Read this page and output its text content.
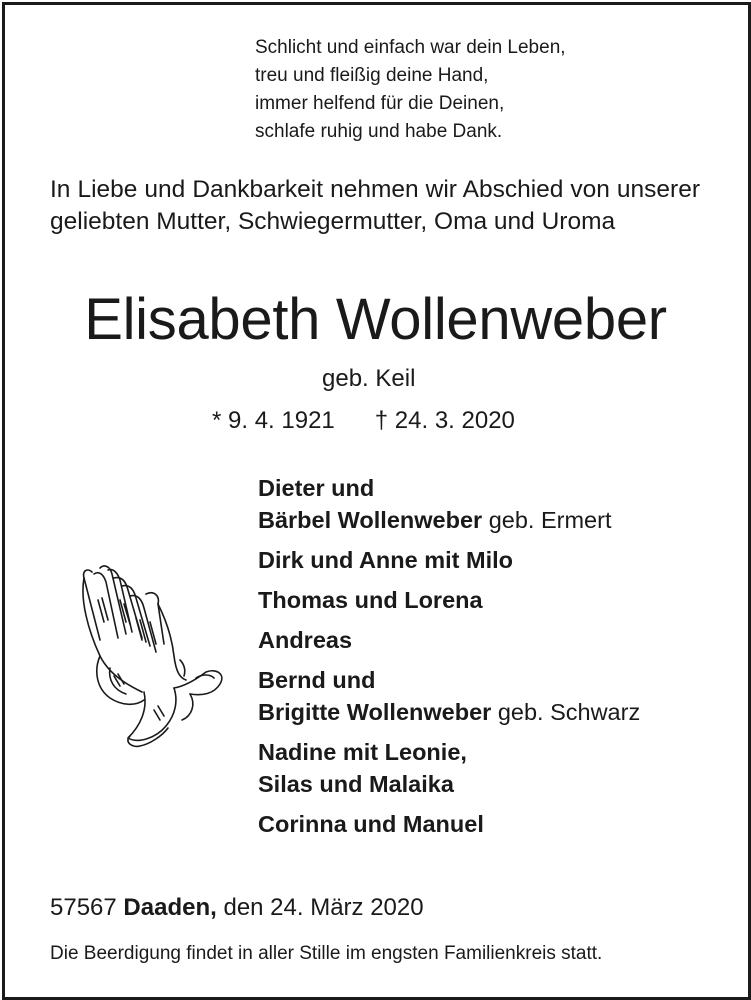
Schlicht und einfach war dein Leben,
treu und fleißig deine Hand,
immer helfend für die Deinen,
schlafe ruhig und habe Dank.
In Liebe und Dankbarkeit nehmen wir Abschied von unserer geliebten Mutter, Schwiegermutter, Oma und Uroma
Elisabeth Wollenweber
geb. Keil
* 9. 4. 1921 † 24. 3. 2020
Dieter und
Bärbel Wollenweber geb. Ermert
Dirk und Anne mit Milo
Thomas und Lorena
Andreas
Bernd und
Brigitte Wollenweber geb. Schwarz
Nadine mit Leonie,
Silas und Malaika
Corinna und Manuel
57567 Daaden, den 24. März 2020
Die Beerdigung findet in aller Stille im engsten Familienkreis statt.
